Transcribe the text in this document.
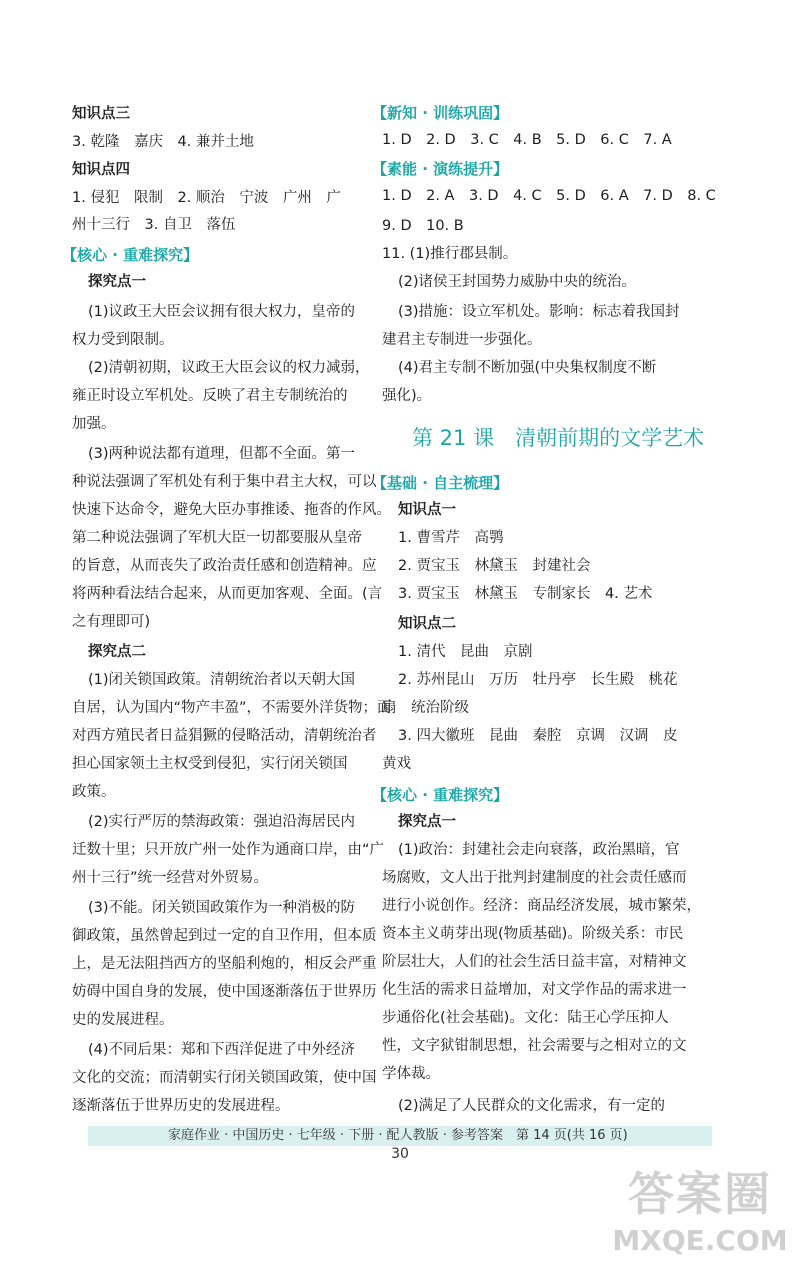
知识点三
3. 乾隆　嘉庆　4. 兼并土地
知识点四
1. 侵犯　限制　2. 顺治　宁波　广州　广
州十三行　3. 自卫　落伍
【核心 · 重难探究】
探究点一
(1)议政王大臣会议拥有很大权力，皇帝的
权力受到限制。
(2)清朝初期，议政王大臣会议的权力减弱，
雍正时设立军机处。反映了君主专制统治的
加强。
(3)两种说法都有道理，但都不全面。第一
种说法强调了军机处有利于集中君主大权，可以
快速下达命令，避免大臣办事推诿、拖沓的作风。
第二种说法强调了军机大臣一切都要服从皇帝
的旨意，从而丧失了政治责任感和创造精神。应
将两种看法结合起来，从而更加客观、全面。(言
之有理即可)
探究点二
(1)闭关锁国政策。清朝统治者以天朝大国
自居，认为国内“物产丰盈”，不需要外洋货物；面
对西方殖民者日益猖獗的侵略活动，清朝统治者
担心国家领土主权受到侵犯，实行闭关锁国
政策。
(2)实行严厉的禁海政策：强迫沿海居民内
迁数十里；只开放广州一处作为通商口岸，由“广
州十三行”统一经营对外贸易。
(3)不能。闭关锁国政策作为一种消极的防
御政策，虽然曾起到过一定的自卫作用，但本质
上，是无法阻挡西方的坚船利炮的，相反会严重
妨碍中国自身的发展，使中国逐渐落伍于世界历
史的发展进程。
(4)不同后果：郑和下西洋促进了中外经济
文化的交流；而清朝实行闭关锁国政策，使中国
逐渐落伍于世界历史的发展进程。
【新知 · 训练巩固】
1. D　2. D　3. C　4. B　5. D　6. C　7. A
【素能 · 演练提升】
1. D　2. A　3. D　4. C　5. D　6. A　7. D　8. C
9. D　10. B
11. (1)推行郡县制。
(2)诸侯王封国势力威胁中央的统治。
(3)措施：设立军机处。影响：标志着我国封
建君主专制进一步强化。
(4)君主专制不断加强(中央集权制度不断
强化)。
第 21 课　清朝前期的文学艺术
【基础 · 自主梳理】
知识点一
1. 曹雪芹　高鹗
2. 贾宝玉　林黛玉　封建社会
3. 贾宝玉　林黛玉　专制家长　4. 艺术
知识点二
1. 清代　昆曲　京剧
2. 苏州昆山　万历　牡丹亭　长生殿　桃花
扇　统治阶级
3. 四大徽班　昆曲　秦腔　京调　汉调　皮
黄戏
【核心 · 重难探究】
探究点一
(1)政治：封建社会走向衰落，政治黑暗，官
场腐败，文人出于批判封建制度的社会责任感而
进行小说创作。经济：商品经济发展，城市繁荣，
资本主义萌芽出现(物质基础)。阶级关系：市民
阶层壮大，人们的社会生活日益丰富，对精神文
化生活的需求日益增加，对文学作品的需求进一
步通俗化(社会基础)。文化：陆王心学压抑人
性，文字狱钳制思想，社会需要与之相对立的文
学体裁。
(2)满足了人民群众的文化需求，有一定的
家庭作业 · 中国历史 · 七年级 · 下册 · 配人教版 · 参考答案　第 14 页(共 16 页)
30
答案圈
MXQE.COM
